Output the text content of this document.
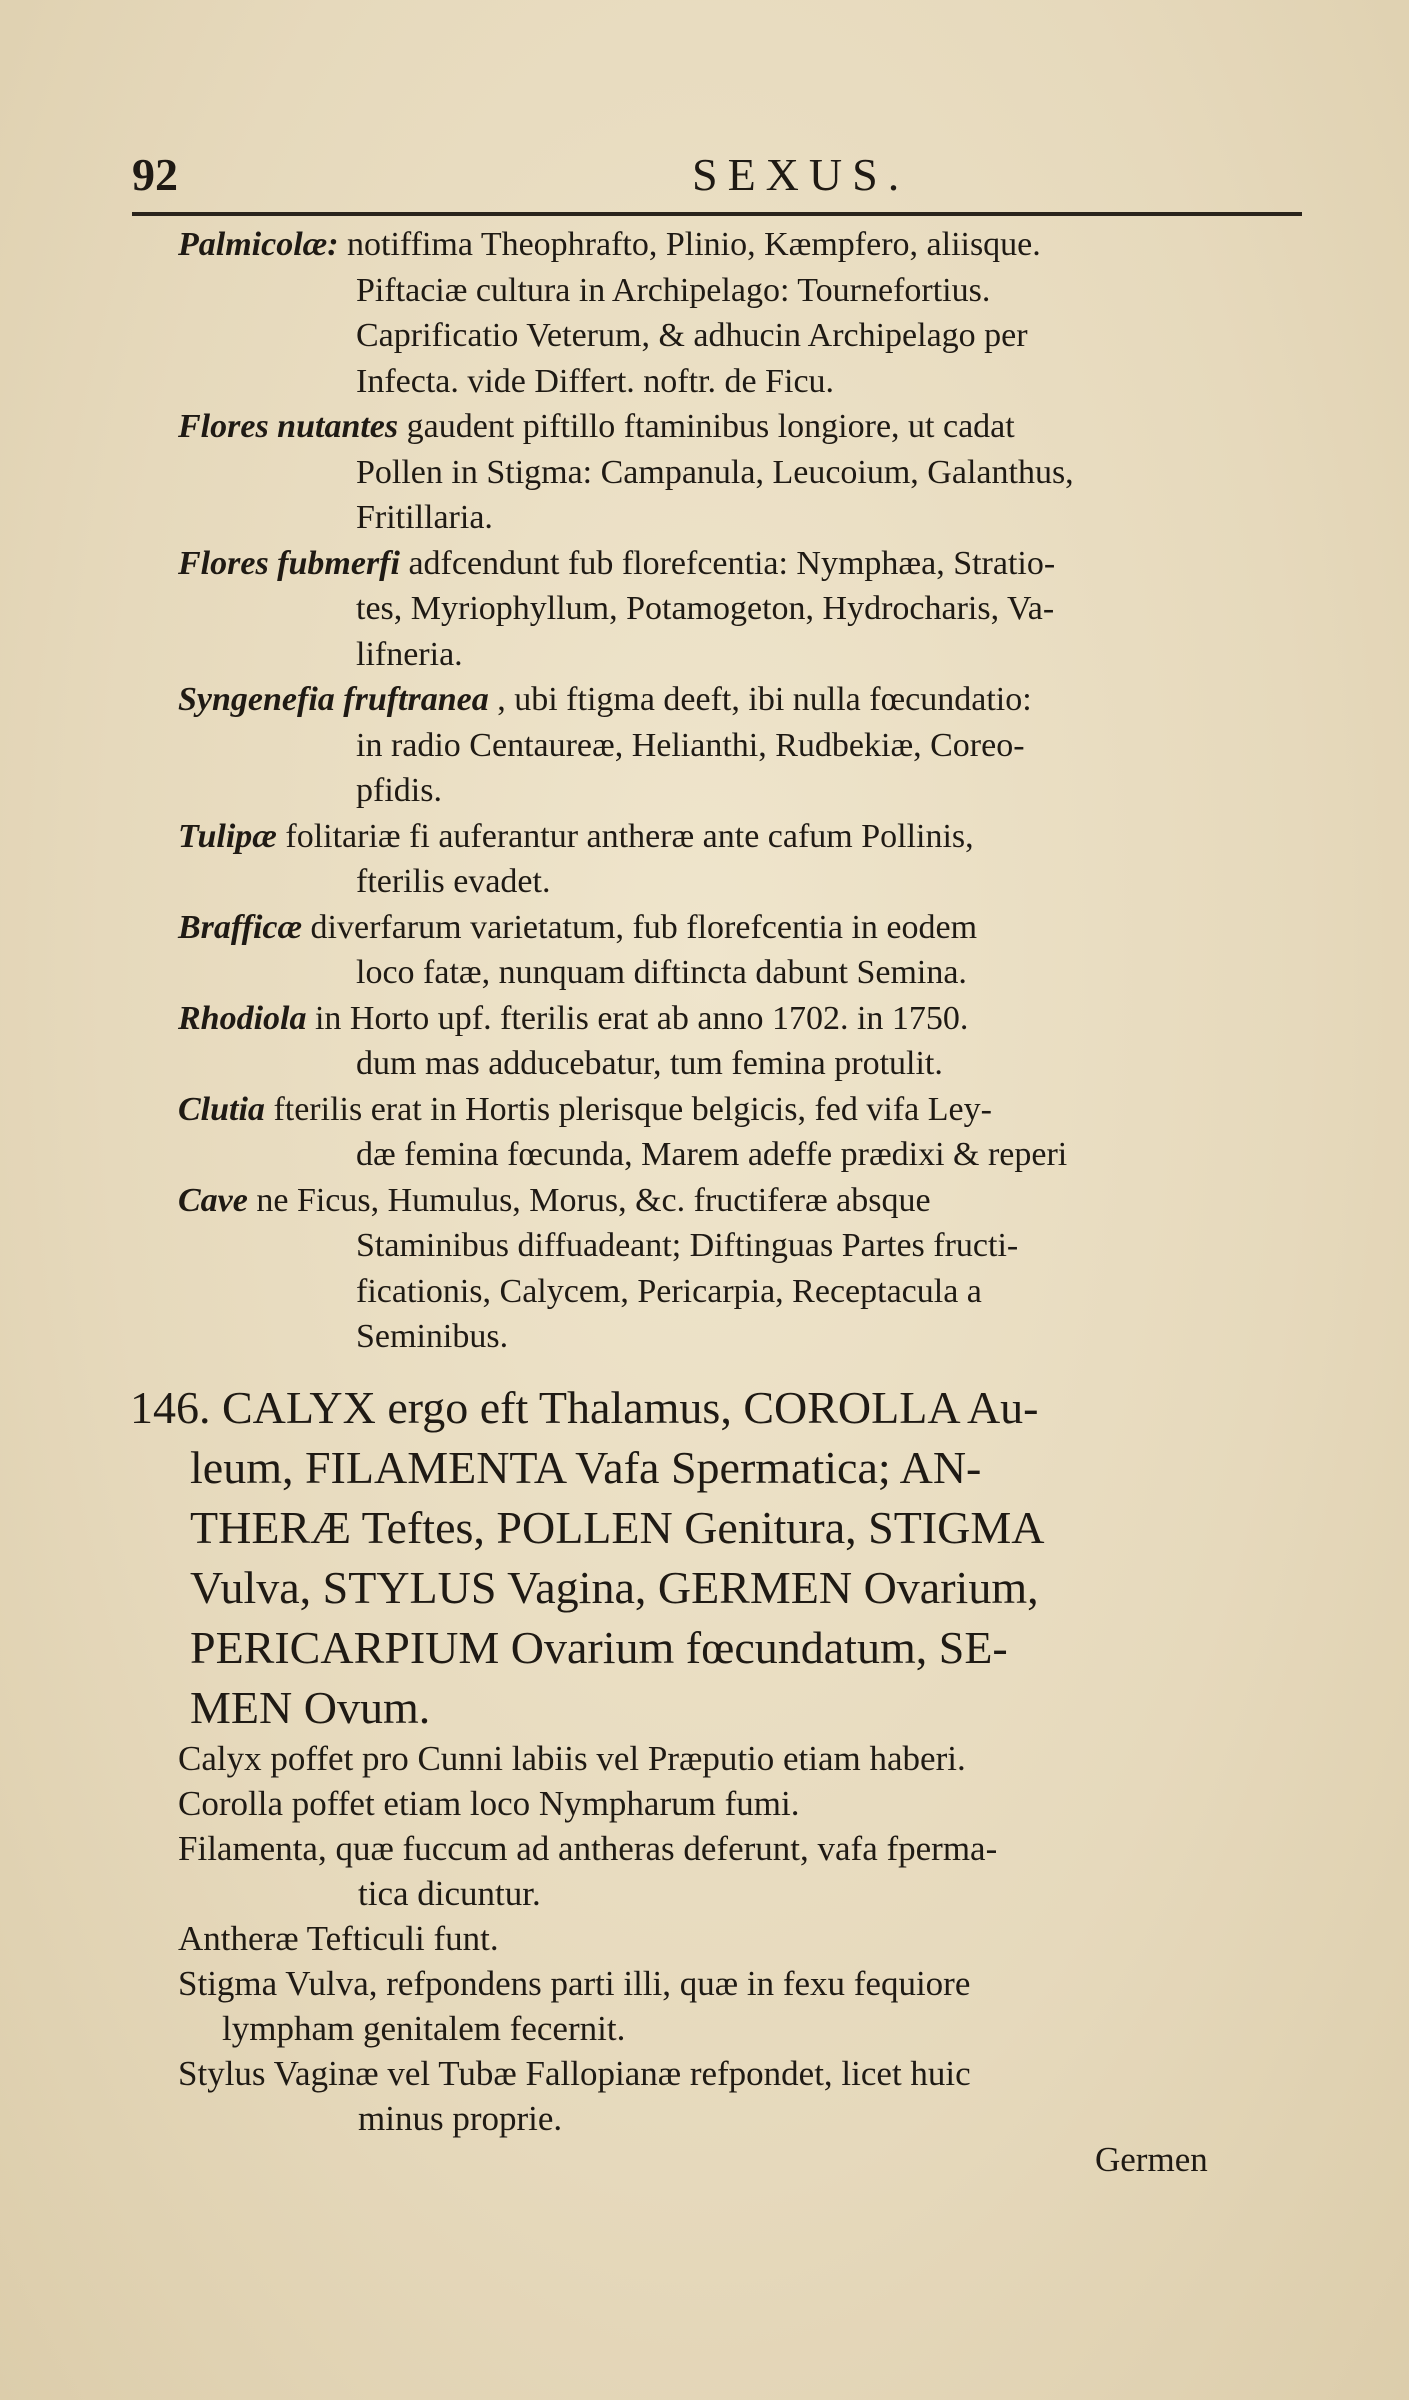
92	SEXUS.
Palmicolæ: notiffima Theophrafto, Plinio, Kæmpfero, aliisque.
Piftaciæ cultura in Archipelago: Tournefortius.
Caprificatio Veterum, & adhucin Archipelago per
Infecta. vide Differt. noftr. de Ficu.
Flores nutantes gaudent piftillo ftaminibus longiore, ut cadat
Pollen in Stigma: Campanula, Leucoium, Galanthus,
Fritillaria.
Flores fubmerfi adfcendunt fub florefcentia: Nymphæa, Stratio-
tes, Myriophyllum, Potamogeton, Hydrocharis, Va-
lifneria.
Syngenefia fruftranea , ubi ftigma deeft, ibi nulla fœcundatio:
in radio Centaureæ, Helianthi, Rudbekiæ, Coreo-
pfidis.
Tulipæ folitariæ fi auferantur antheræ ante cafum Pollinis,
fterilis evadet.
Brafficæ diverfarum varietatum, fub florefcentia in eodem
loco fatæ, nunquam diftincta dabunt Semina.
Rhodiola in Horto upf. fterilis erat ab anno 1702. in 1750.
dum mas adducebatur, tum femina protulit.
Clutia fterilis erat in Hortis plerisque belgicis, fed vifa Ley-
dæ femina fœcunda, Marem adeffe prædixi & reperi
Cave ne Ficus, Humulus, Morus, &c. fructiferæ absque
Staminibus diffuadeant; Diftinguas Partes fructi-
ficationis, Calycem, Pericarpia, Receptacula a
Seminibus.
146. CALYX ergo eft Thalamus, COROLLA Au-
leum, FILAMENTA Vafa Spermatica; AN-
THERÆ Teftes, POLLEN Genitura, STIGMA
Vulva, STYLUS Vagina, GERMEN Ovarium,
PERICARPIUM Ovarium fœcundatum, SE-
MEN Ovum.
Calyx poffet pro Cunni labiis vel Præputio etiam haberi.
Corolla poffet etiam loco Nympharum fumi.
Filamenta, quæ fuccum ad antheras deferunt, vafa fperma-
tica dicuntur.
Antheræ Tefticuli funt.
Stigma Vulva, refpondens parti illi, quæ in fexu fequiore
lympham genitalem fecernit.
Stylus Vaginæ vel Tubæ Fallopianæ refpondet, licet huic
minus proprie.
Germen
